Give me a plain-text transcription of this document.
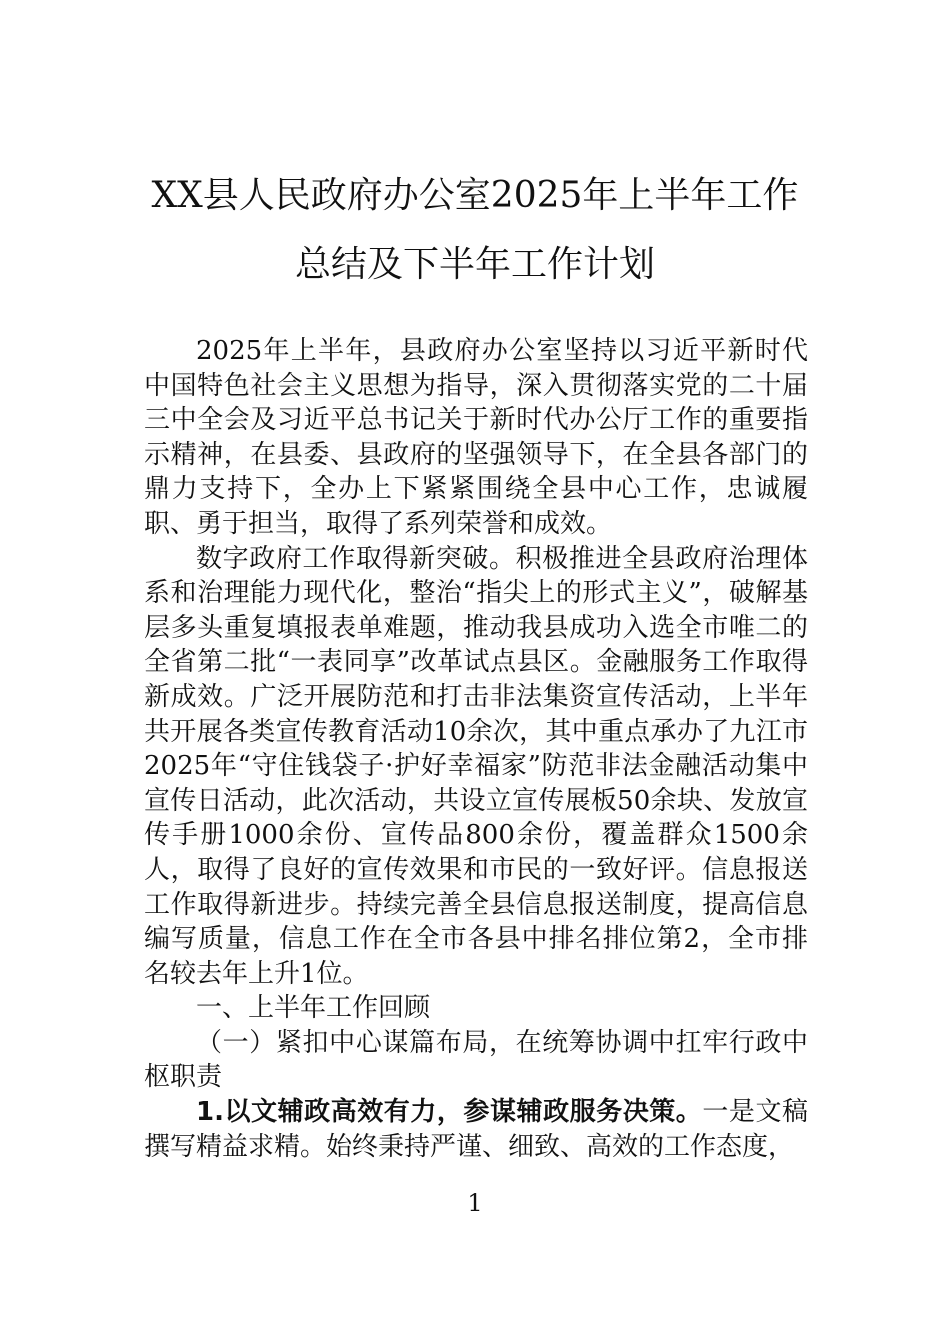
XX县人民政府办公室2025年上半年工作
总结及下半年工作计划

2025年上半年，县政府办公室坚持以习近平新时代中国特色社会主义思想为指导，深入贯彻落实党的二十届三中全会及习近平总书记关于新时代办公厅工作的重要指示精神，在县委、县政府的坚强领导下，在全县各部门的鼎力支持下，全办上下紧紧围绕全县中心工作，忠诚履职、勇于担当，取得了系列荣誉和成效。

数字政府工作取得新突破。积极推进全县政府治理体系和治理能力现代化，整治“指尖上的形式主义”，破解基层多头重复填报表单难题，推动我县成功入选全市唯二的全省第二批“一表同享”改革试点县区。金融服务工作取得新成效。广泛开展防范和打击非法集资宣传活动，上半年共开展各类宣传教育活动10余次，其中重点承办了九江市2025年“守住钱袋子·护好幸福家”防范非法金融活动集中宣传日活动，此次活动，共设立宣传展板50余块、发放宣传手册1000余份、宣传品800余份，覆盖群众1500余人，取得了良好的宣传效果和市民的一致好评。信息报送工作取得新进步。持续完善全县信息报送制度，提高信息编写质量，信息工作在全市各县中排名排位第2，全市排名较去年上升1位。

一、上半年工作回顾

（一）紧扣中心谋篇布局，在统筹协调中扛牢行政中枢职责

1.以文辅政高效有力，参谋辅政服务决策。一是文稿撰写精益求精。始终秉持严谨、细致、高效的工作态度，

1
